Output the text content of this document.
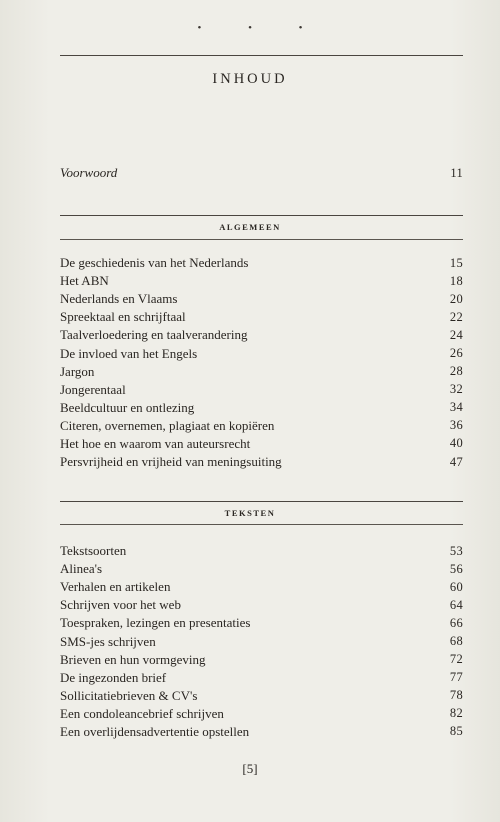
• • •
INHOUD
Voorwoord	11
ALGEMEEN
De geschiedenis van het Nederlands	15
Het ABN	18
Nederlands en Vlaams	20
Spreektaal en schrijftaal	22
Taalverloedering en taalverandering	24
De invloed van het Engels	26
Jargon	28
Jongerentaal	32
Beeldcultuur en ontlezing	34
Citeren, overnemen, plagiaat en kopiëren	36
Het hoe en waarom van auteursrecht	40
Persvrijheid en vrijheid van meningsuiting	47
TEKSTEN
Tekstsoorten	53
Alinea's	56
Verhalen en artikelen	60
Schrijven voor het web	64
Toespraken, lezingen en presentaties	66
SMS-jes schrijven	68
Brieven en hun vormgeving	72
De ingezonden brief	77
Sollicitatiebrieven & CV's	78
Een condoleancebrief schrijven	82
Een overlijdensadvertentie opstellen	85
[5]
